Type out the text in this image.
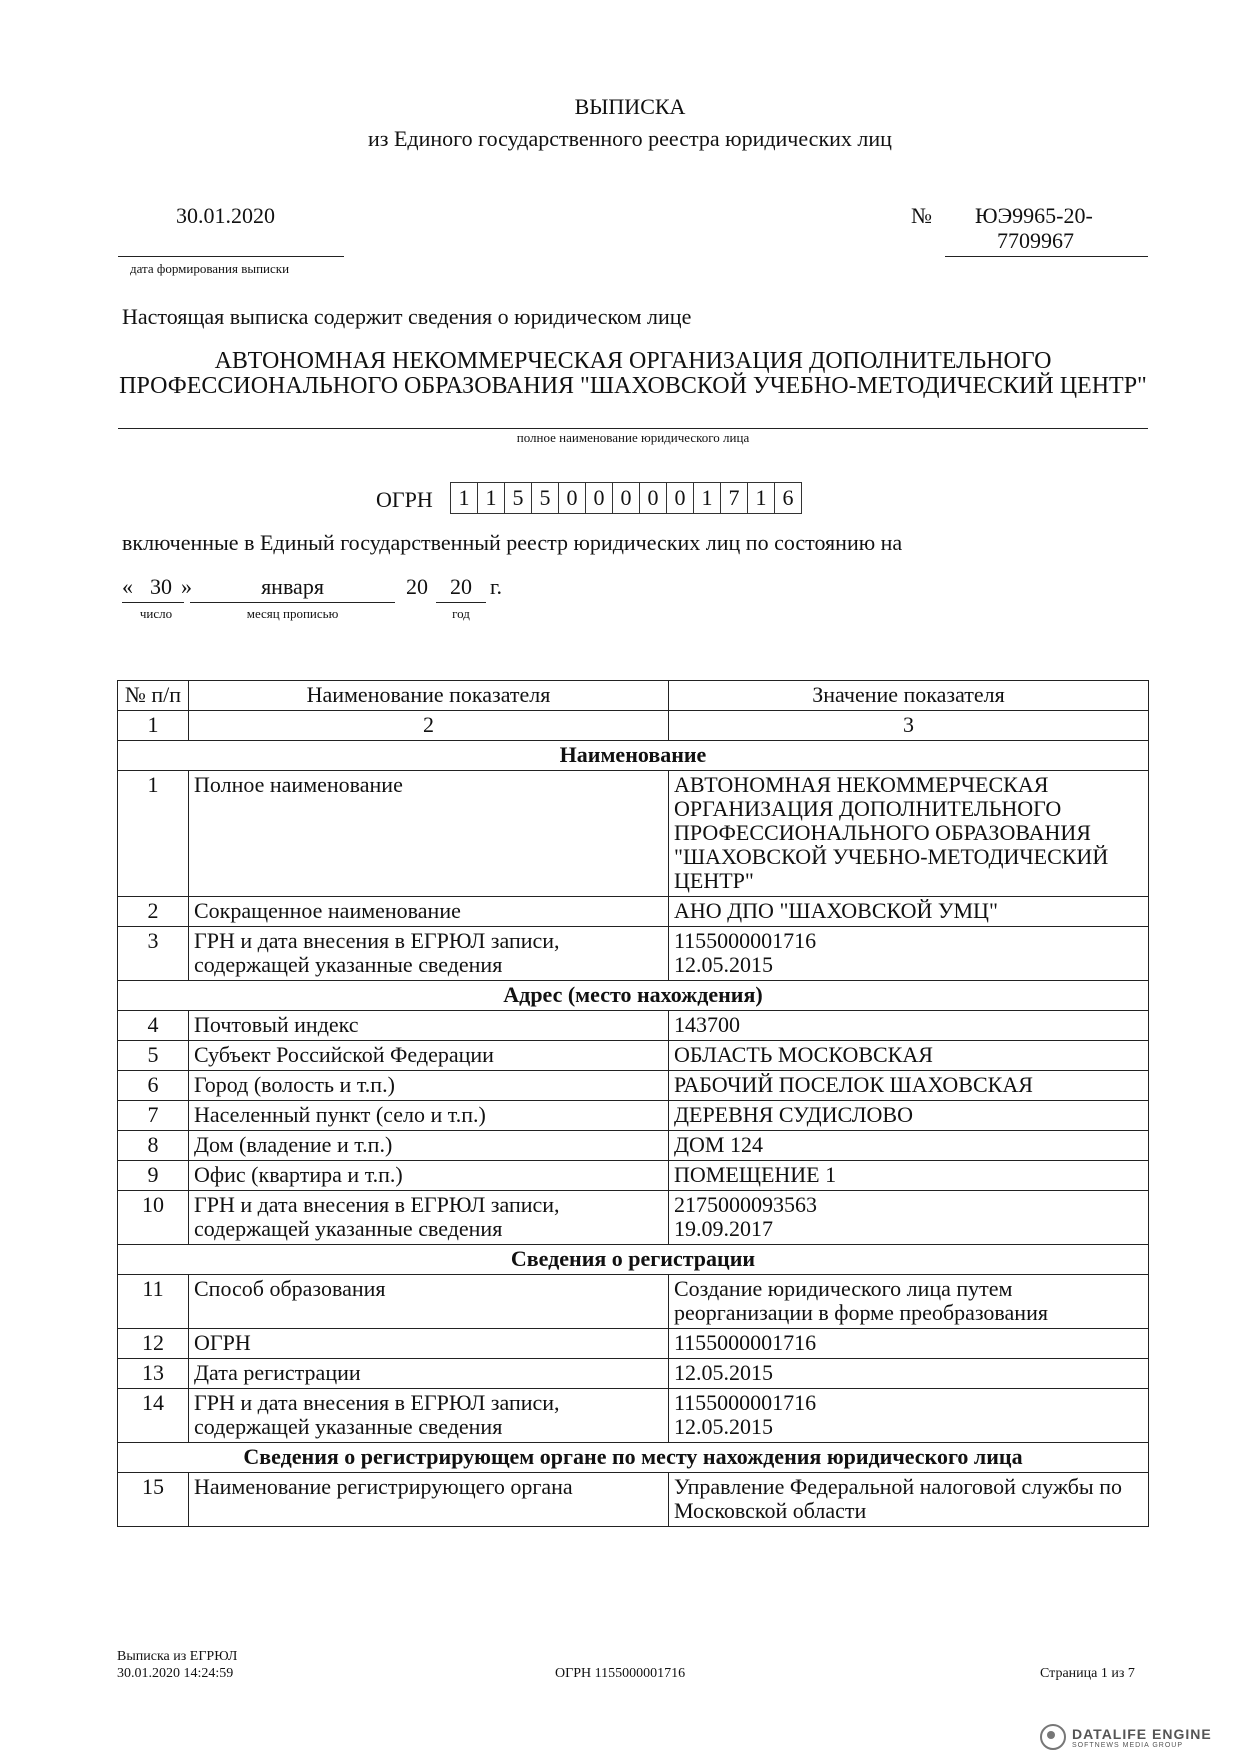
ВЫПИСКА
из Единого государственного реестра юридических лиц
30.01.2020
дата формирования выписки
№ ЮЭ9965-20-
7709967
Настоящая выписка содержит сведения о юридическом лице
АВТОНОМНАЯ НЕКОММЕРЧЕСКАЯ ОРГАНИЗАЦИЯ ДОПОЛНИТЕЛЬНОГО ПРОФЕССИОНАЛЬНОГО ОБРАЗОВАНИЯ "ШАХОВСКОЙ УЧЕБНО-МЕТОДИЧЕСКИЙ ЦЕНТР"
полное наименование юридического лица
ОГРН	1 1 5 5 0 0 0 0 0 1 7 1 6
включенные в Единый государственный реестр юридических лиц по состоянию на
« 30 »	января	20	20 г.
число	месяц прописью	год
№ п/п	Наименование показателя	Значение показателя
1	2	3
Наименование		
1	Полное наименование	АВТОНОМНАЯ НЕКОММЕРЧЕСКАЯ ОРГАНИЗАЦИЯ ДОПОЛНИТЕЛЬНОГО ПРОФЕССИОНАЛЬНОГО ОБРАЗОВАНИЯ "ШАХОВСКОЙ УЧЕБНО-МЕТОДИЧЕСКИЙ ЦЕНТР"
2	Сокращенное наименование	АНО ДПО "ШАХОВСКОЙ УМЦ"
3	ГРН и дата внесения в ЕГРЮЛ записи, содержащей указанные сведения	1155000001716
12.05.2015

Адрес (место нахождения)		
4	Почтовый индекс	143700
5	Субъект Российской Федерации	ОБЛАСТЬ МОСКОВСКАЯ
6	Город (волость и т.п.)	РАБОЧИЙ ПОСЕЛОК ШАХОВСКАЯ
7	Населенный пункт (село и т.п.)	ДЕРЕВНЯ СУДИСЛОВО
8	Дом (владение и т.п.)	ДОМ 124
9	Офис (квартира и т.п.)	ПОМЕЩЕНИЕ 1
10	ГРН и дата внесения в ЕГРЮЛ записи, содержащей указанные сведения	2175000093563
19.09.2017

Сведения о регистрации		
11	Способ образования	Создание юридического лица путем реорганизации в форме преобразования
12	ОГРН	1155000001716
13	Дата регистрации	12.05.2015
14	ГРН и дата внесения в ЕГРЮЛ записи, содержащей указанные сведения	1155000001716
12.05.2015

Сведения о регистрирующем органе по месту нахождения юридического лица		
15	Наименование регистрирующего органа	Управление Федеральной налоговой службы по Московской области
Выписка из ЕГРЮЛ
30.01.2020 14:24:59	ОГРН 1155000001716	Страница 1 из 7
DATALIFE ENGINE
SOFTNEWS MEDIA GROUP
